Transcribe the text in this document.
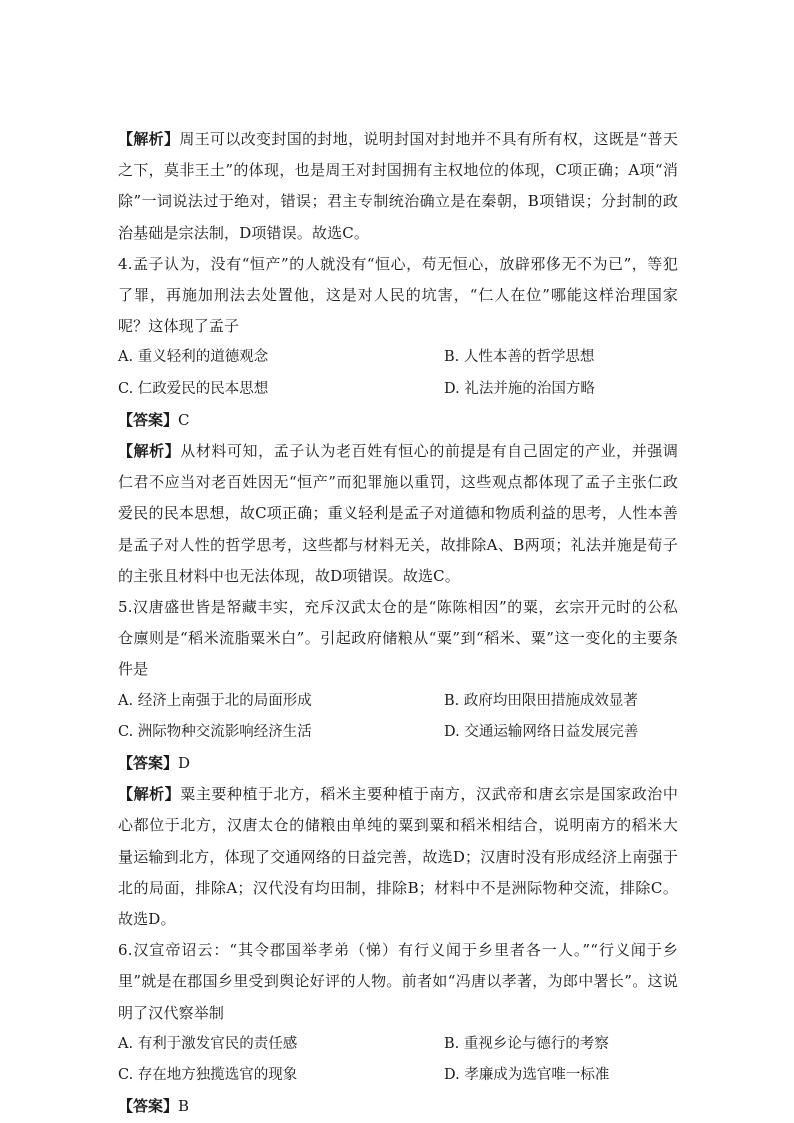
【解析】周王可以改变封国的封地，说明封国对封地并不具有所有权，这既是“普天之下，莫非王土”的体现，也是周王对封国拥有主权地位的体现，C项正确；A项“消除”一词说法过于绝对，错误；君主专制统治确立是在秦朝，B项错误；分封制的政治基础是宗法制，D项错误。故选C。

4.孟子认为，没有“恒产”的人就没有“恒心，苟无恒心，放辟邪侈无不为已”，等犯了罪，再施加刑法去处置他，这是对人民的坑害，“仁人在位”哪能这样治理国家呢？这体现了孟子

A. 重义轻利的道德观念	B. 人性本善的哲学思想
C. 仁政爱民的民本思想	D. 礼法并施的治国方略

【答案】C

【解析】从材料可知，孟子认为老百姓有恒心的前提是有自己固定的产业，并强调仁君不应当对老百姓因无“恒产”而犯罪施以重罚，这些观点都体现了孟子主张仁政爱民的民本思想，故C项正确；重义轻利是孟子对道德和物质利益的思考，人性本善是孟子对人性的哲学思考，这些都与材料无关，故排除A、B两项；礼法并施是荀子的主张且材料中也无法体现，故D项错误。故选C。

5.汉唐盛世皆是帑藏丰实，充斥汉武太仓的是“陈陈相因”的粟，玄宗开元时的公私仓廪则是“稻米流脂粟米白”。引起政府储粮从“粟”到“稻米、粟”这一变化的主要条件是

A. 经济上南强于北的局面形成	B. 政府均田限田措施成效显著
C. 洲际物种交流影响经济生活	D. 交通运输网络日益发展完善

【答案】D

【解析】粟主要种植于北方，稻米主要种植于南方，汉武帝和唐玄宗是国家政治中心都位于北方，汉唐太仓的储粮由单纯的粟到粟和稻米相结合，说明南方的稻米大量运输到北方，体现了交通网络的日益完善，故选D；汉唐时没有形成经济上南强于北的局面，排除A；汉代没有均田制，排除B；材料中不是洲际物种交流，排除C。故选D。

6.汉宣帝诏云：“其令郡国举孝弟（悌）有行义闻于乡里者各一人。”“行义闻于乡里”就是在郡国乡里受到舆论好评的人物。前者如“冯唐以孝著，为郎中署长”。这说明了汉代察举制

A. 有利于激发官民的责任感	B. 重视乡论与德行的考察
C. 存在地方独揽选官的现象	D. 孝廉成为选官唯一标准

【答案】B
